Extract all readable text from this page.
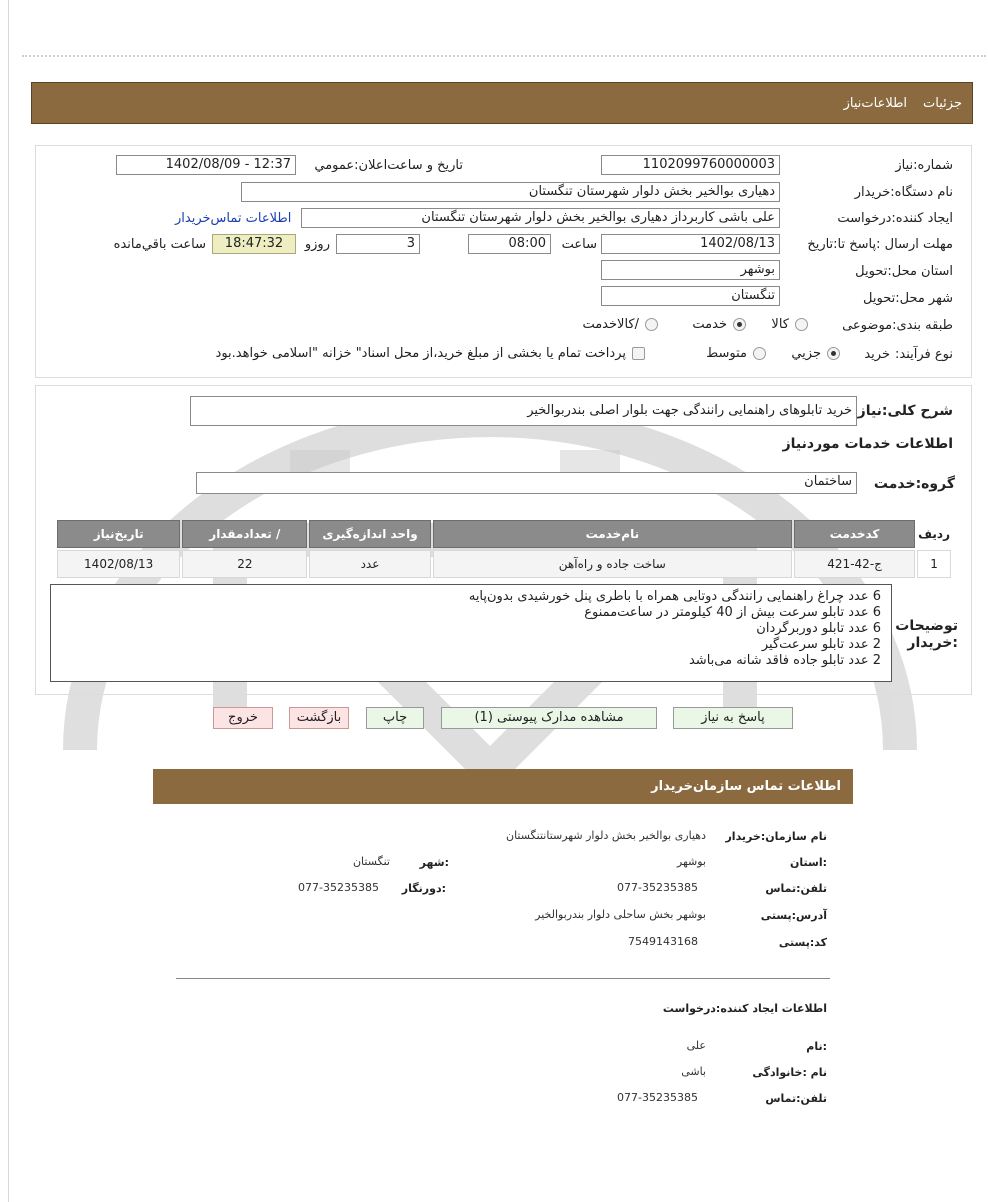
جزئیات
اطلاعات‌نیاز
شماره:نیاز
1102099760000003
تاريخ و ساعت‌اعلان:عمومي
1402/08/09 - 12:37
نام دستگاه:خريدار
دهیاری بوالخیر بخش دلوار شهرستان تنگستان
ايجاد کننده:درخواست
علی باشی کاربرداز دهیاری بوالخیر بخش دلوار شهرستان تنگستان
اطلاعات تماس‌خريدار
مهلت ارسال :پاسخ تا:تاريخ
1402/08/13
ساعت
08:00
3
روزو
18:47:32
ساعت باقي‌مانده
استان محل:تحویل
بوشهر
شهر محل:تحویل
تنگستان
طبقه بندی:موضوعی
کالا
خدمت
/کالاخدمت
نوع فرآیند:
خريد
جزيي
متوسط
پرداخت تمام یا بخشی از مبلغ خرید،از محل اسناد" خزانه "اسلامی خواهد.بود
شرح کلی:نیاز
خرید تابلوهای راهنمایی رانندگی جهت بلوار اصلی بندربوالخیر
اطلاعات خدمات موردنیاز
گروه:خدمت
ساختمان
رديف	کدخدمت	نام‌خدمت	واحد اندازه‌گیری	/ تعدادمقدار	تاریخ‌نیاز
1	ج-42-421	ساخت جاده و راه‌آهن	عدد	22	1402/08/13
توضیحات :خریدار
6 عدد چراغ راهنمایی رانندگی دوتایی همراه با باطری پنل خورشیدی بدون‌پایه
6 عدد تابلو سرعت بیش از 40 کیلومتر در ساعت‌ممنوع
6 عدد تابلو دوربرگردان
2 عدد تابلو سرعت‌گیر
2 عدد تابلو جاده فاقد شانه می‌باشد
پاسخ به نیاز
مشاهده مدارک پیوستی (1)
چاپ
بازگشت
خروج
اطلاعات تماس سازمان‌خریدار
نام سازمان:خريدار
دهیاری بوالخیر بخش دلوار شهرستانتنگستان
:استان
بوشهر
:شهر
تنگستان
تلفن:تماس
077-35235385
:دورنگار
077-35235385
آدرس:پستی
بوشهر بخش ساحلی دلوار بندربوالخیر
کد:پستی
7549143168
اطلاعات ایجاد کننده:درخواست
:نام
علی
نام :خانوادگی
باشی
تلفن:تماس
077-35235385
